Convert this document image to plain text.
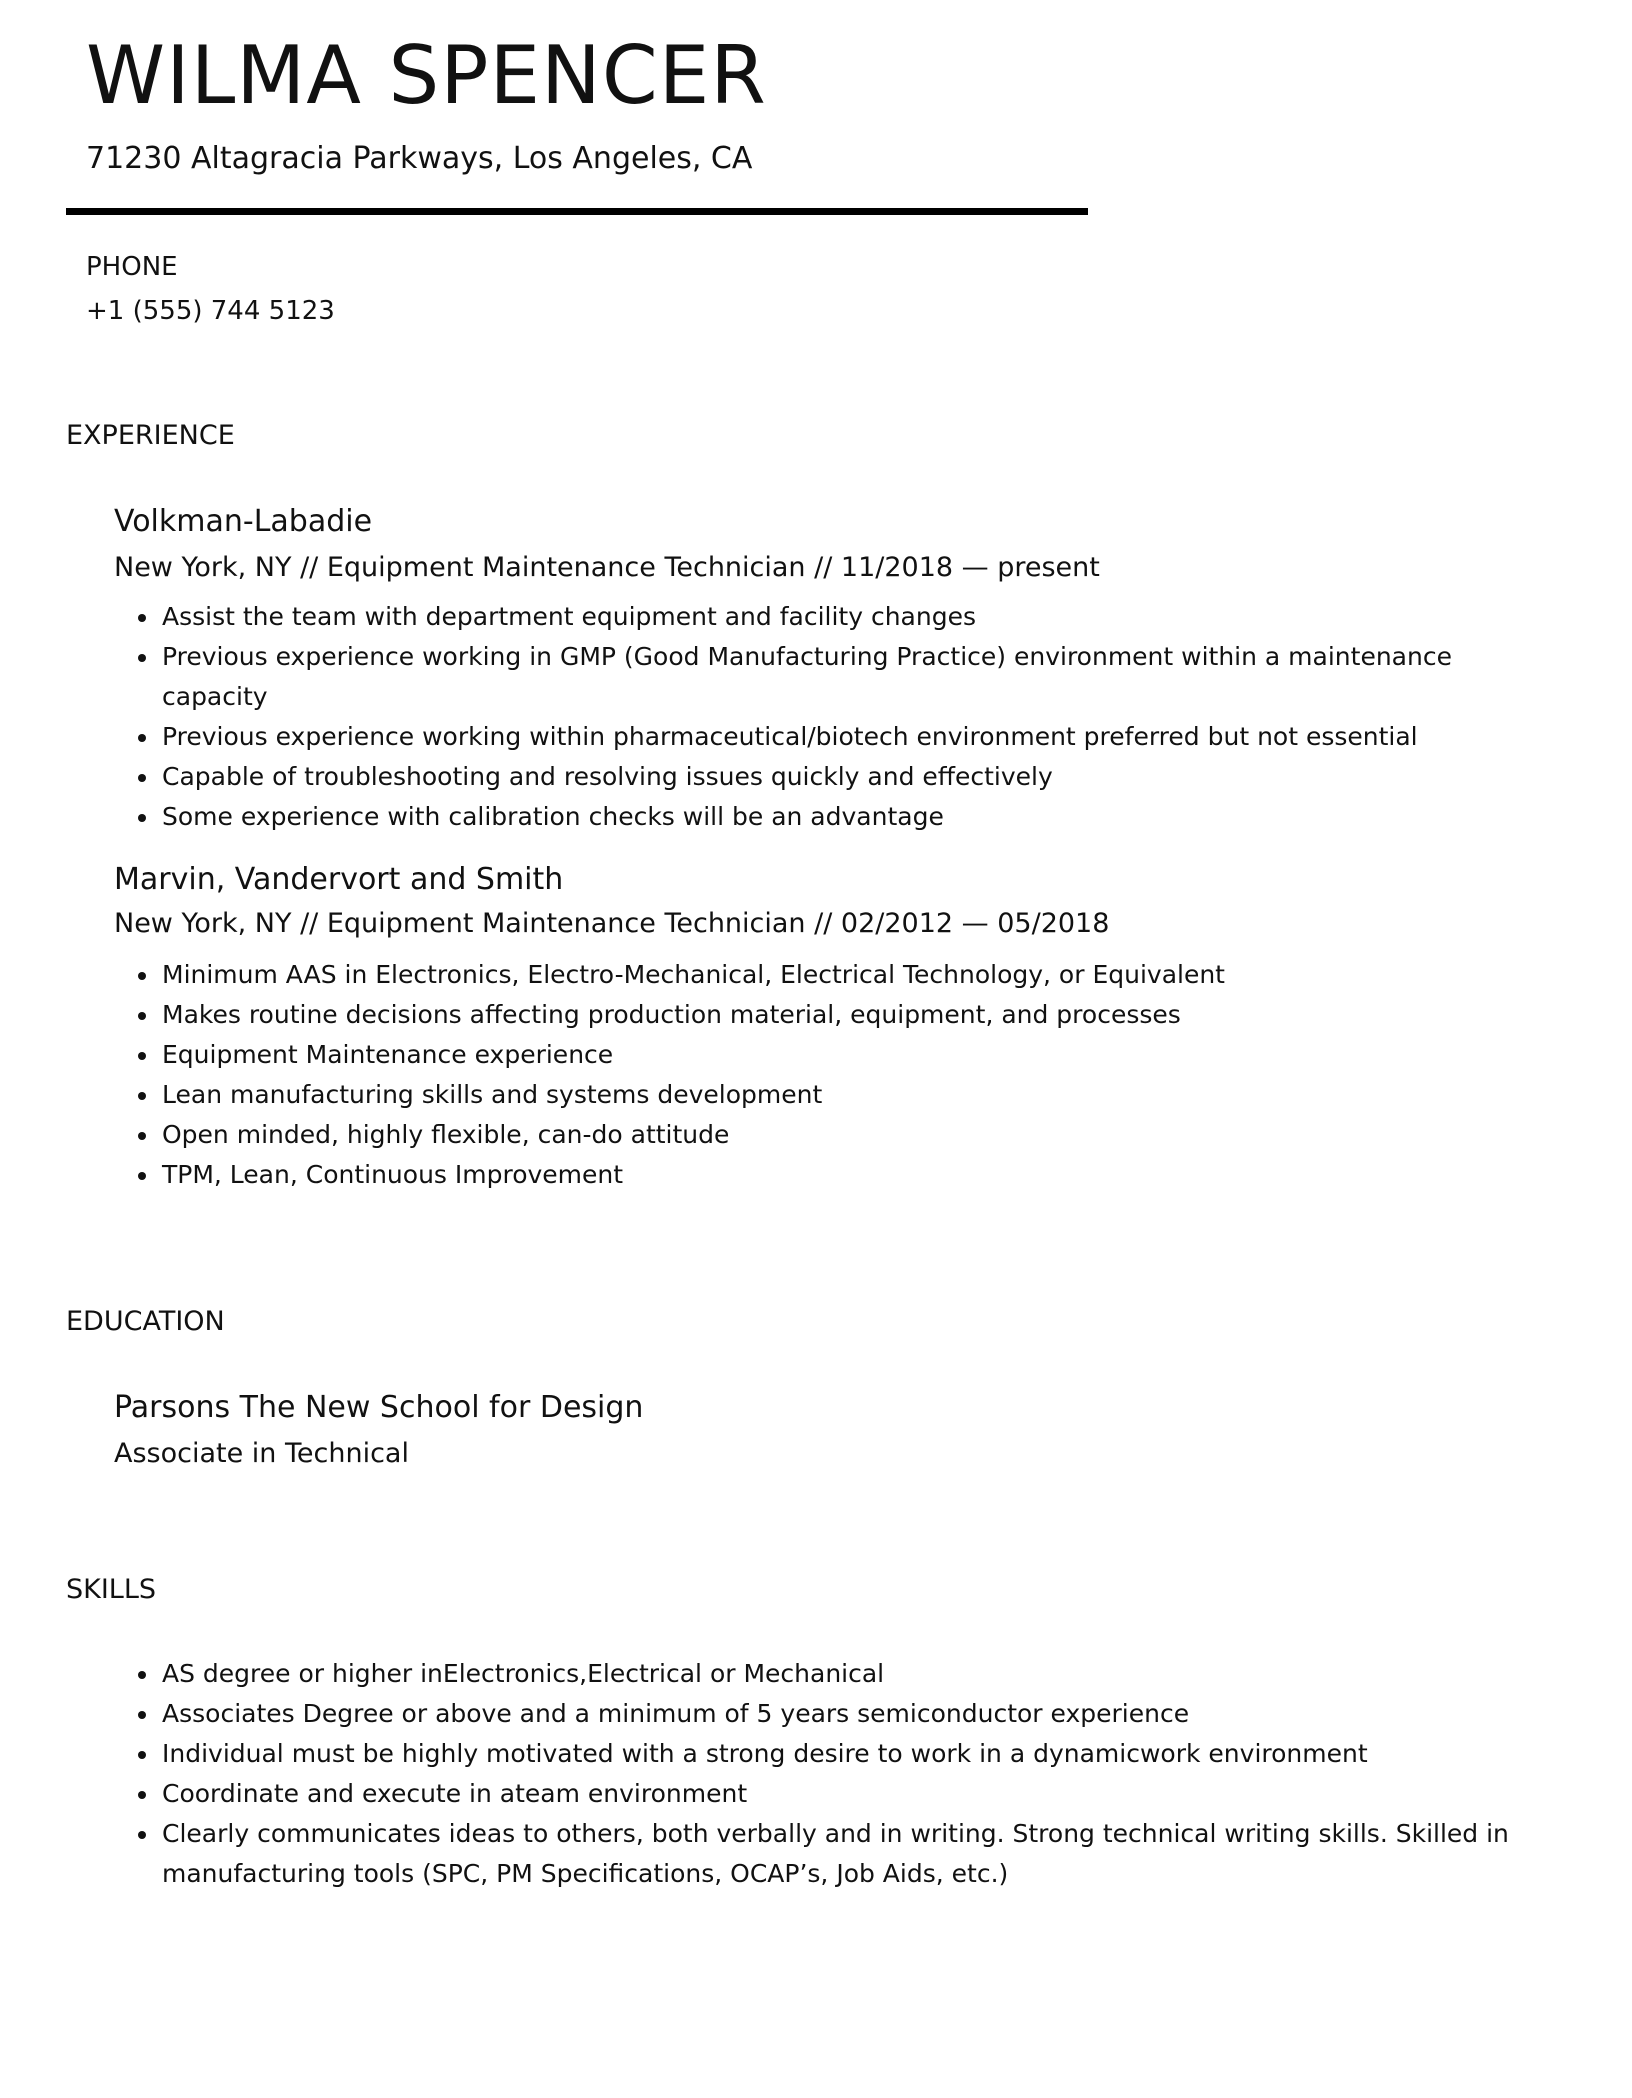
WILMA SPENCER
71230 Altagracia Parkways, Los Angeles, CA
PHONE
+1 (555) 744 5123
EXPERIENCE
Volkman-Labadie
New York, NY // Equipment Maintenance Technician // 11/2018 — present
Assist the team with department equipment and facility changes
Previous experience working in GMP (Good Manufacturing Practice) environment within a maintenance capacity
Previous experience working within pharmaceutical/biotech environment preferred but not essential
Capable of troubleshooting and resolving issues quickly and effectively
Some experience with calibration checks will be an advantage
Marvin, Vandervort and Smith
New York, NY // Equipment Maintenance Technician // 02/2012 — 05/2018
Minimum AAS in Electronics, Electro-Mechanical, Electrical Technology, or Equivalent
Makes routine decisions affecting production material, equipment, and processes
Equipment Maintenance experience
Lean manufacturing skills and systems development
Open minded, highly flexible, can-do attitude
TPM, Lean, Continuous Improvement
EDUCATION
Parsons The New School for Design
Associate in Technical
SKILLS
AS degree or higher inElectronics,Electrical or Mechanical
Associates Degree or above and a minimum of 5 years semiconductor experience
Individual must be highly motivated with a strong desire to work in a dynamicwork environment
Coordinate and execute in ateam environment
Clearly communicates ideas to others, both verbally and in writing. Strong technical writing skills. Skilled in manufacturing tools (SPC, PM Specifications, OCAP’s, Job Aids, etc.)
